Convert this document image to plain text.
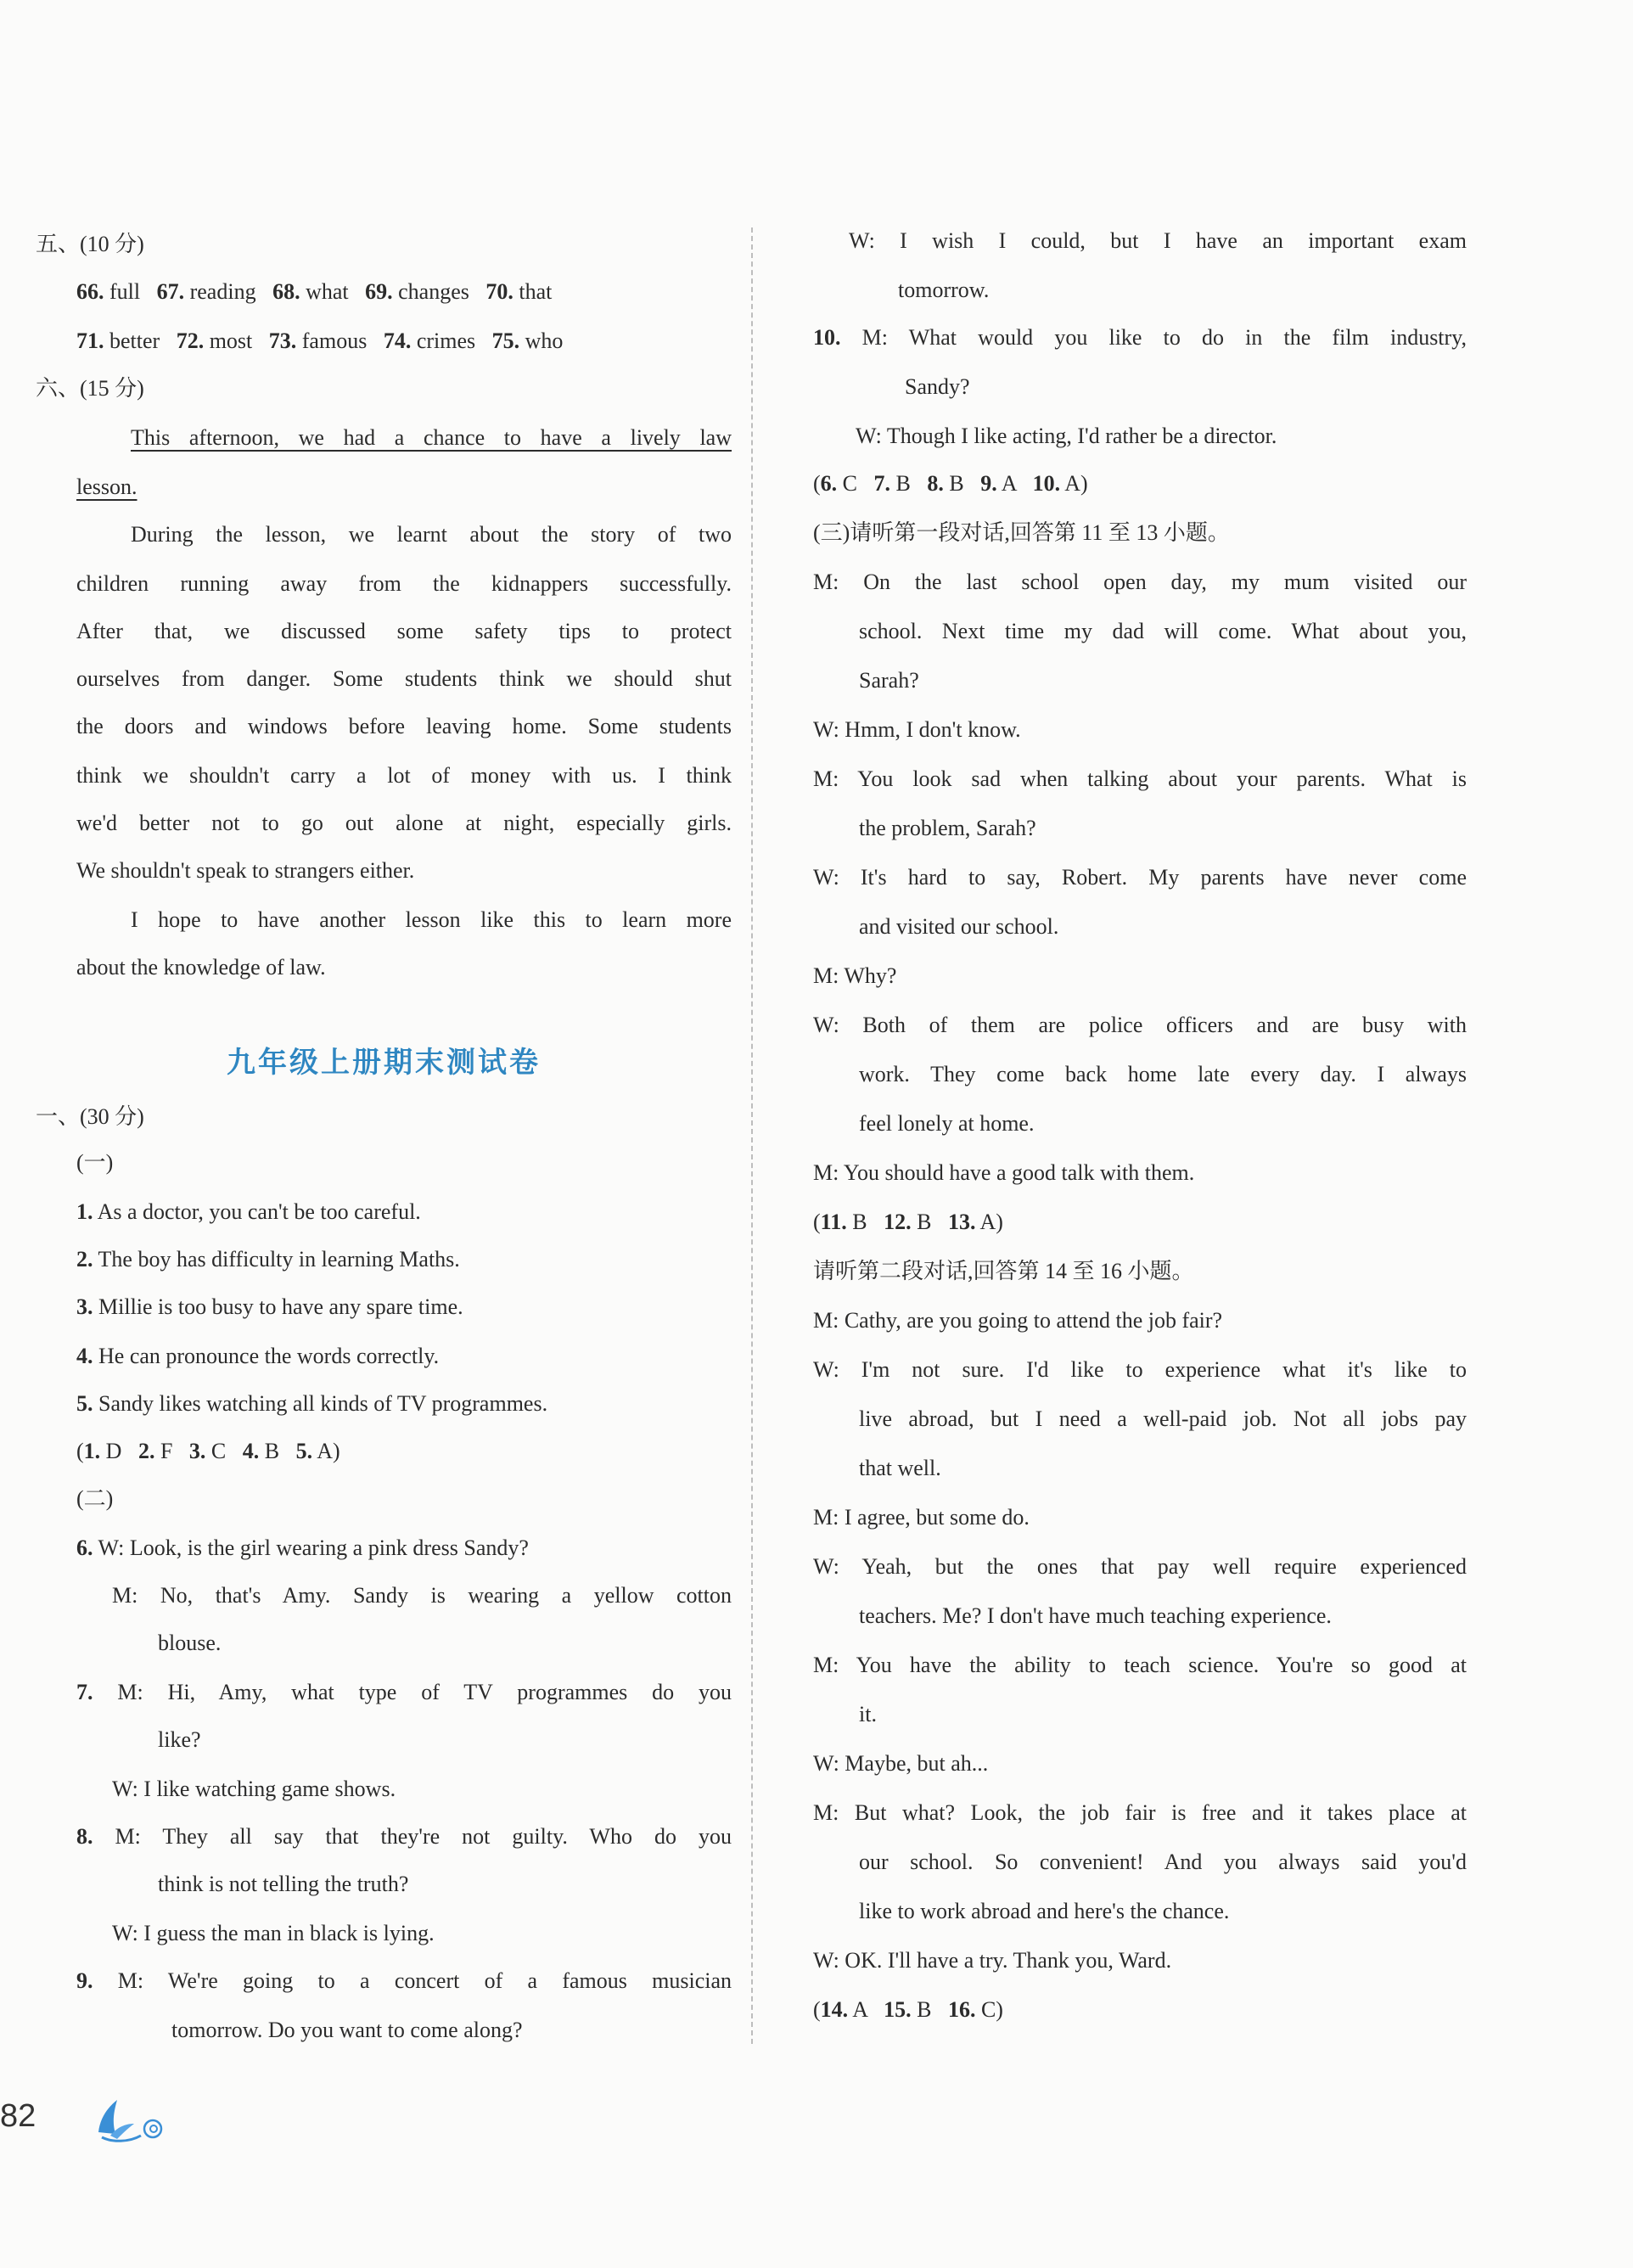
五、(10 分)
66. full 67. reading 68. what 69. changes 70. that
71. better 72. most 73. famous 74. crimes 75. who
六、(15 分)
This afternoon, we had a chance to have a lively law
lesson.
During the lesson, we learnt about the story of two
children running away from the kidnappers successfully.
After that, we discussed some safety tips to protect
ourselves from danger. Some students think we should shut
the doors and windows before leaving home. Some students
think we shouldn't carry a lot of money with us. I think
we'd better not to go out alone at night, especially girls.
We shouldn't speak to strangers either.
I hope to have another lesson like this to learn more
about the knowledge of law.
九年级上册期末测试卷
一、(30 分)
(一)
1. As a doctor, you can't be too careful.
2. The boy has difficulty in learning Maths.
3. Millie is too busy to have any spare time.
4. He can pronounce the words correctly.
5. Sandy likes watching all kinds of TV programmes.
(1. D 2. F 3. C 4. B 5. A)
(二)
6. W: Look, is the girl wearing a pink dress Sandy?
M: No, that's Amy. Sandy is wearing a yellow cotton
blouse.
7. M: Hi, Amy, what type of TV programmes do you
like?
W: I like watching game shows.
8. M: They all say that they're not guilty. Who do you
think is not telling the truth?
W: I guess the man in black is lying.
9. M: We're going to a concert of a famous musician
tomorrow. Do you want to come along?
W: I wish I could, but I have an important exam
tomorrow.
10. M: What would you like to do in the film industry,
Sandy?
W: Though I like acting, I'd rather be a director.
(6. C 7. B 8. B 9. A 10. A)
(三)请听第一段对话,回答第 11 至 13 小题。
M: On the last school open day, my mum visited our
school. Next time my dad will come. What about you,
Sarah?
W: Hmm, I don't know.
M: You look sad when talking about your parents. What is
the problem, Sarah?
W: It's hard to say, Robert. My parents have never come
and visited our school.
M: Why?
W: Both of them are police officers and are busy with
work. They come back home late every day. I always
feel lonely at home.
M: You should have a good talk with them.
(11. B 12. B 13. A)
请听第二段对话,回答第 14 至 16 小题。
M: Cathy, are you going to attend the job fair?
W: I'm not sure. I'd like to experience what it's like to
live abroad, but I need a well-paid job. Not all jobs pay
that well.
M: I agree, but some do.
W: Yeah, but the ones that pay well require experienced
teachers. Me? I don't have much teaching experience.
M: You have the ability to teach science. You're so good at
it.
W: Maybe, but ah...
M: But what? Look, the job fair is free and it takes place at
our school. So convenient! And you always said you'd
like to work abroad and here's the chance.
W: OK. I'll have a try. Thank you, Ward.
(14. A 15. B 16. C)
82
